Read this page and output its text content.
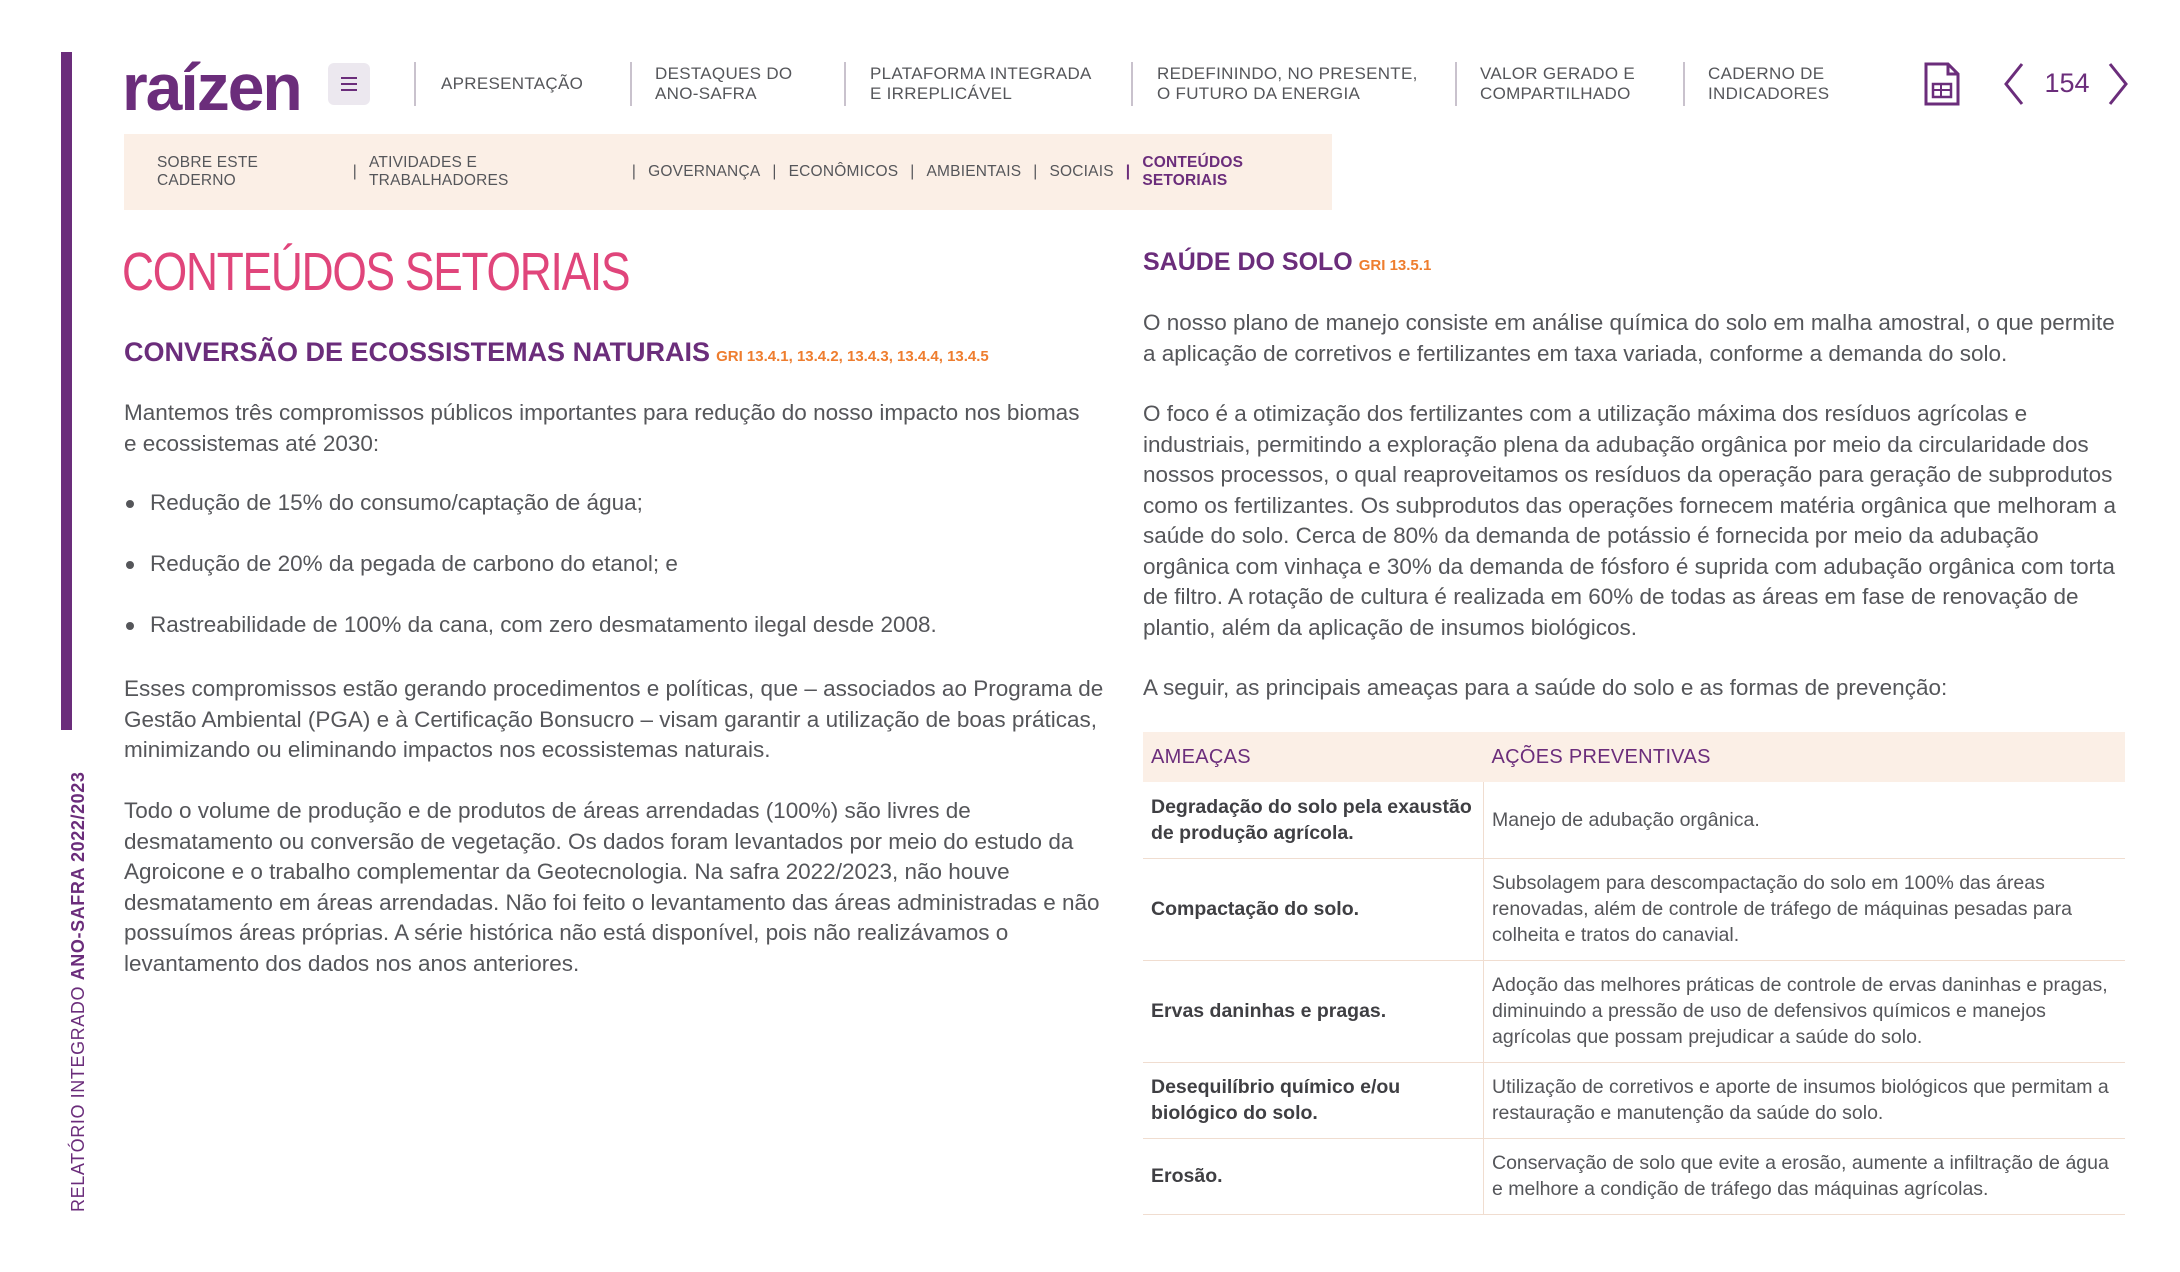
RELATÓRIO INTEGRADO ANO-SAFRA 2022/2023
raízen	APRESENTAÇÃO
DESTAQUES DO
ANO-SAFRA
PLATAFORMA INTEGRADA
E IRREPLICÁVEL
REDEFININDO, NO PRESENTE,
O FUTURO DA ENERGIA
VALOR GERADO E
COMPARTILHADO
CADERNO DE
INDICADORES	154
SOBRE ESTE CADERNO
|
ATIVIDADES E TRABALHADORES
| GOVERNANÇA | ECONÔMICOS | AMBIENTAIS | SOCIAIS |
CONTEÚDOS SETORIAIS
CONTEÚDOS SETORIAIS
CONVERSÃO DE ECOSSISTEMAS NATURAIS GRI 13.4.1, 13.4.2, 13.4.3, 13.4.4, 13.4.5

Mantemos três compromissos públicos importantes para redução do nosso impacto nos biomas e ecossistemas até 2030:

Redução de 15% do consumo/captação de água;
Redução de 20% da pegada de carbono do etanol; e
Rastreabilidade de 100% da cana, com zero desmatamento ilegal desde 2008.

Esses compromissos estão gerando procedimentos e políticas, que – associados ao Programa de Gestão Ambiental (PGA) e à Certificação Bonsucro – visam garantir a utilização de boas práticas, minimizando ou eliminando impactos nos ecossistemas naturais.

Todo o volume de produção e de produtos de áreas arrendadas (100%) são livres de desmatamento ou conversão de vegetação. Os dados foram levantados por meio do estudo da Agroicone e o trabalho complementar da Geotecnologia. Na safra 2022/2023, não houve desmatamento em áreas arrendadas. Não foi feito o levantamento das áreas administradas e não possuímos áreas próprias. A série histórica não está disponível, pois não realizávamos o levantamento dos dados nos anos anteriores.

SAÚDE DO SOLO GRI 13.5.1

O nosso plano de manejo consiste em análise química do solo em malha amostral, o que permite a aplicação de corretivos e fertilizantes em taxa variada, conforme a demanda do solo.

O foco é a otimização dos fertilizantes com a utilização máxima dos resíduos agrícolas e industriais, permitindo a exploração plena da adubação orgânica por meio da circularidade dos nossos processos, o qual reaproveitamos os resíduos da operação para geração de subprodutos como os fertilizantes. Os subprodutos das operações fornecem matéria orgânica que melhoram a saúde do solo. Cerca de 80% da demanda de potássio é fornecida por meio da adubação orgânica com vinhaça e 30% da demanda de fósforo é suprida com adubação orgânica com torta de filtro. A rotação de cultura é realizada em 60% de todas as áreas em fase de renovação de plantio, além da aplicação de insumos biológicos.

A seguir, as principais ameaças para a saúde do solo e as formas de prevenção:

AMEAÇAS	AÇÕES PREVENTIVAS
Degradação do solo pela exaustão de produção agrícola.	Manejo de adubação orgânica.
Compactação do solo.	Subsolagem para descompactação do solo em 100% das áreas renovadas, além de controle de tráfego de máquinas pesadas para colheita e tratos do canavial.
Ervas daninhas e pragas.	Adoção das melhores práticas de controle de ervas daninhas e pragas, diminuindo a pressão de uso de defensivos químicos e manejos agrícolas que possam prejudicar a saúde do solo.
Desequilíbrio químico e/ou biológico do solo.	Utilização de corretivos e aporte de insumos biológicos que permitam a restauração e manutenção da saúde do solo.
Erosão.	Conservação de solo que evite a erosão, aumente a infiltração de água e melhore a condição de tráfego das máquinas agrícolas.
